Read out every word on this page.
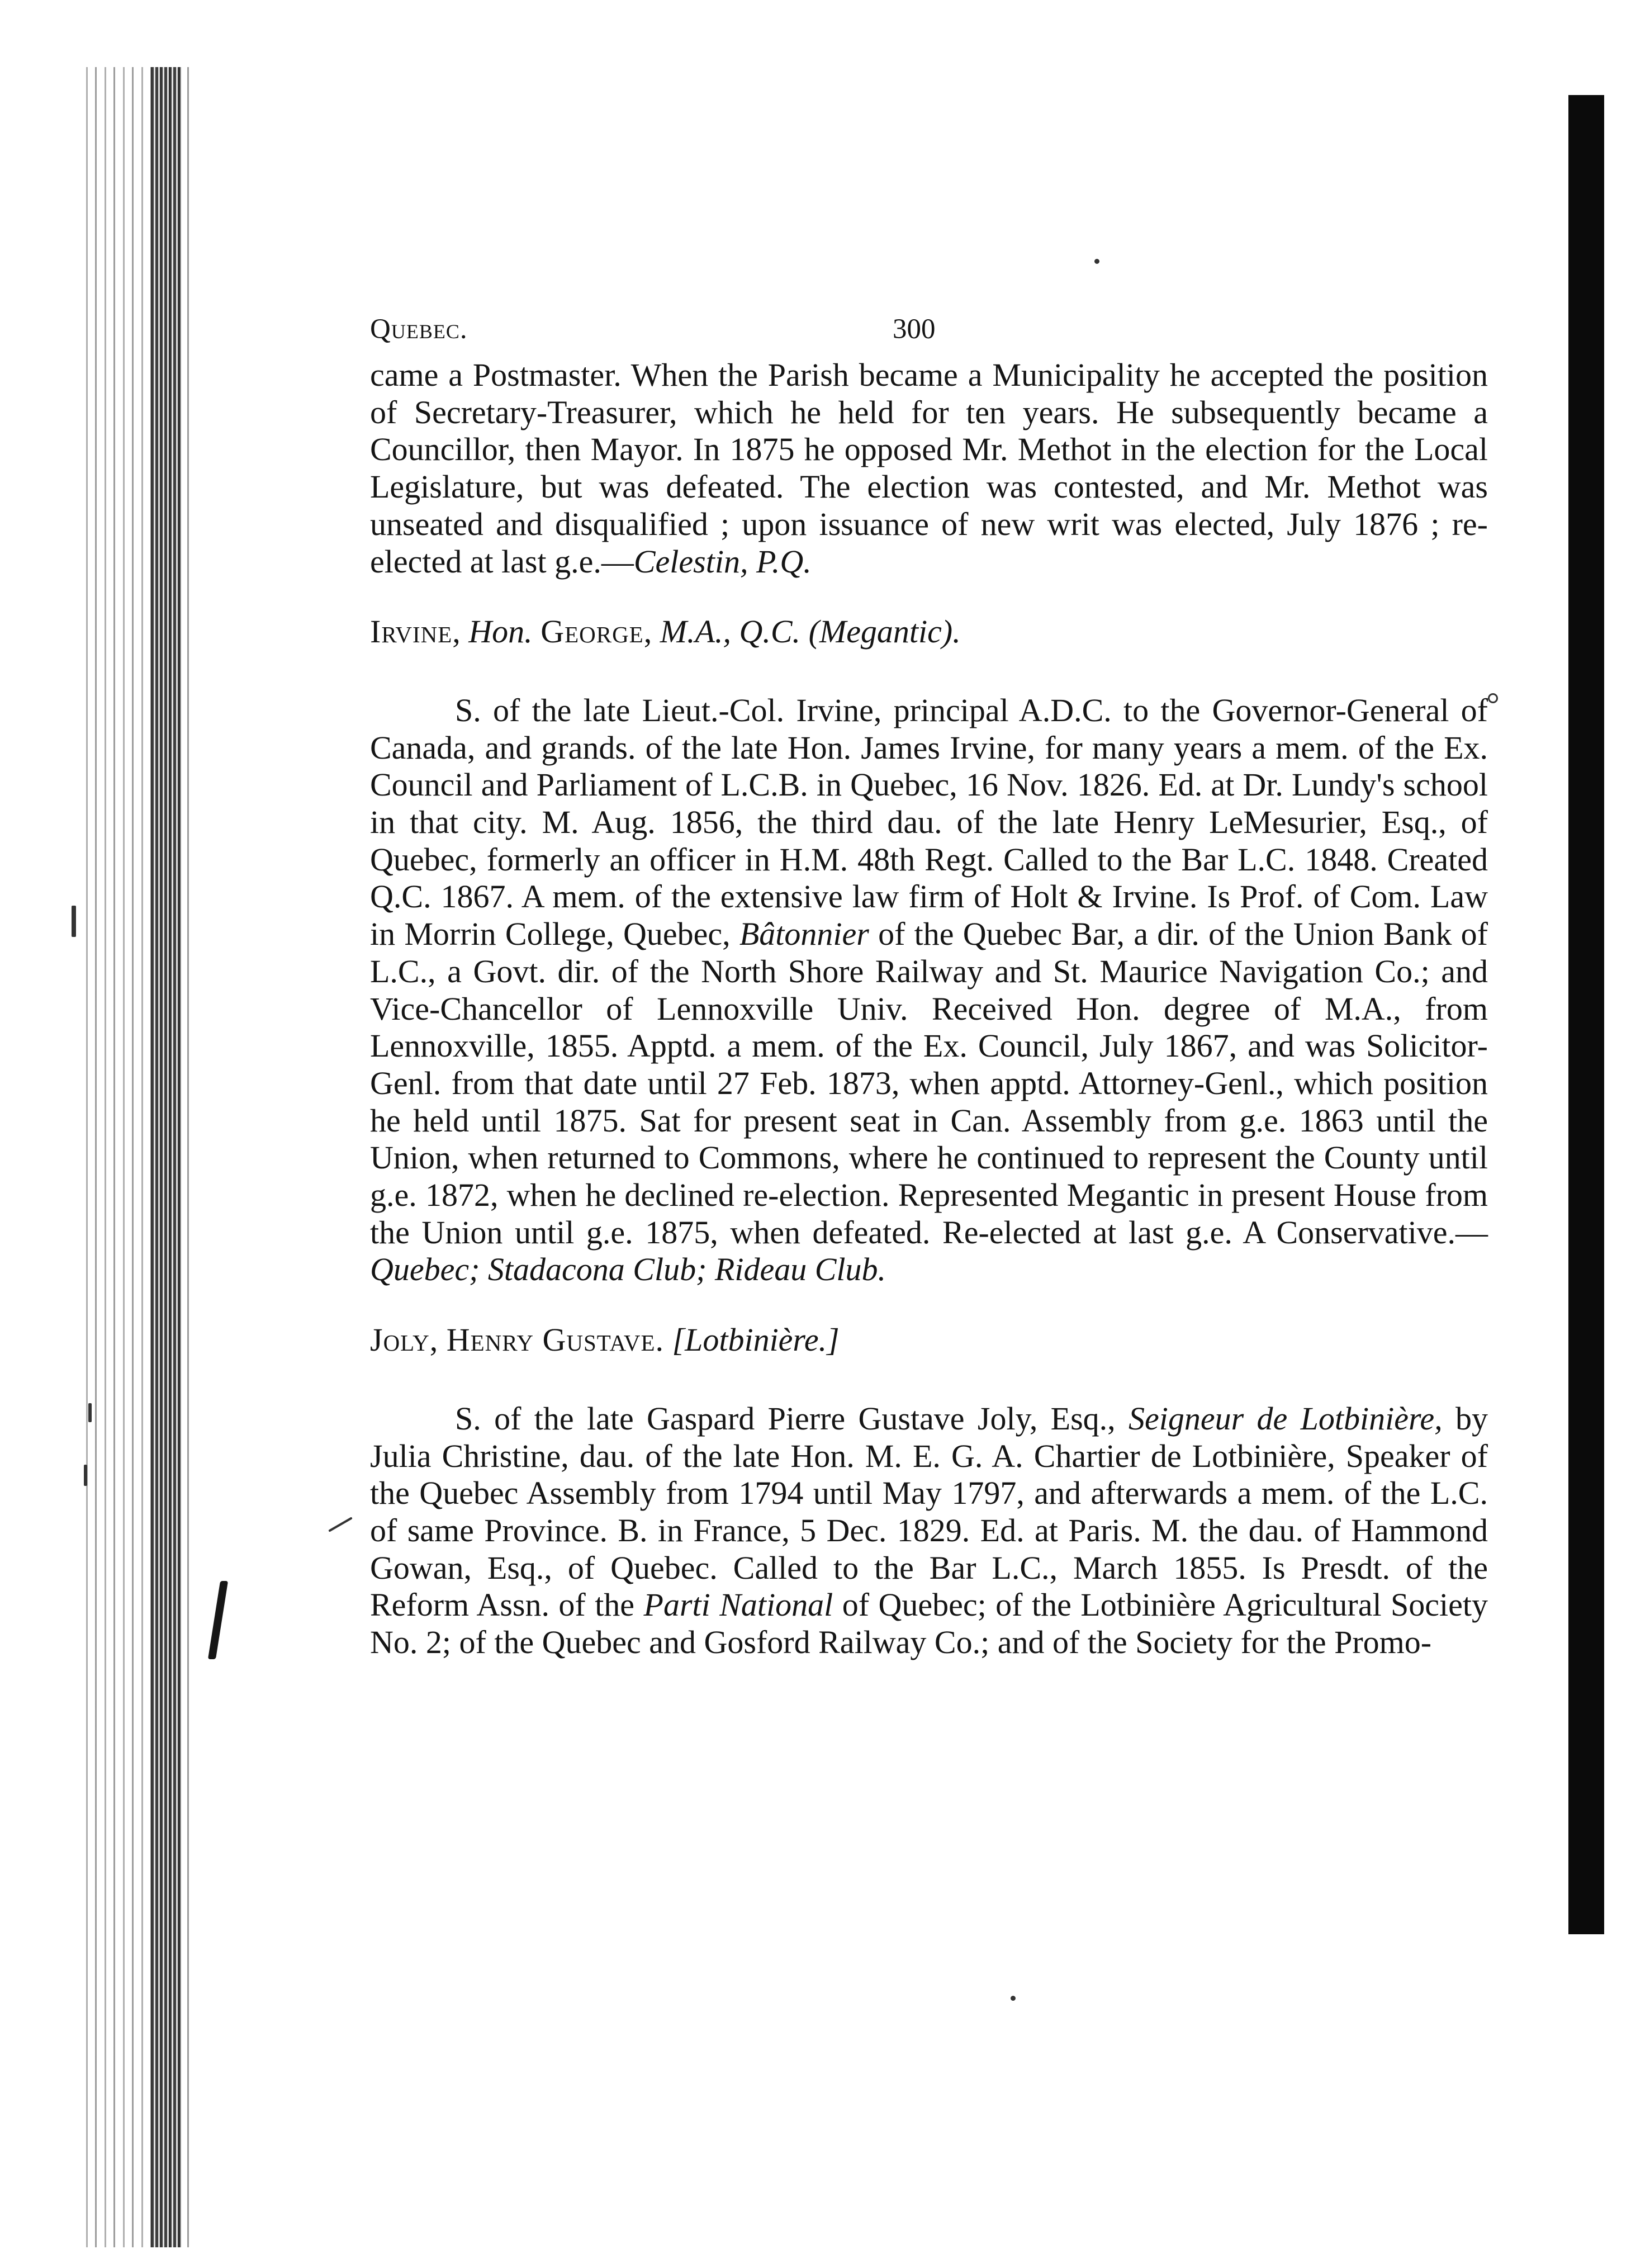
Quebec.	300

came a Postmaster. When the Parish became a Municipality he accepted the position of Secretary-Treasurer, which he held for ten years. He subsequently became a Councillor, then Mayor. In 1875 he opposed Mr. Methot in the election for the Local Legislature, but was defeated. The election was contested, and Mr. Methot was unseated and disqualified ; upon issuance of new writ was elected, July 1876 ; re-elected at last g.e.—Celestin, P.Q.

Irvine, Hon. George, M.A., Q.C. (Megantic).

S. of the late Lieut.-Col. Irvine, principal A.D.C. to the Governor-General of Canada, and grands. of the late Hon. James Irvine, for many years a mem. of the Ex. Council and Parliament of L.C.B. in Quebec, 16 Nov. 1826. Ed. at Dr. Lundy's school in that city. M. Aug. 1856, the third dau. of the late Henry LeMesurier, Esq., of Quebec, formerly an officer in H.M. 48th Regt. Called to the Bar L.C. 1848. Created Q.C. 1867. A mem. of the extensive law firm of Holt & Irvine. Is Prof. of Com. Law in Morrin College, Quebec, Bâtonnier of the Quebec Bar, a dir. of the Union Bank of L.C., a Govt. dir. of the North Shore Railway and St. Maurice Navigation Co.; and Vice-Chancellor of Lennoxville Univ. Received Hon. degree of M.A., from Lennoxville, 1855. Apptd. a mem. of the Ex. Council, July 1867, and was Solicitor-Genl. from that date until 27 Feb. 1873, when apptd. Attorney-Genl., which position he held until 1875. Sat for present seat in Can. Assembly from g.e. 1863 until the Union, when returned to Commons, where he continued to represent the County until g.e. 1872, when he declined re-election. Represented Megantic in present House from the Union until g.e. 1875, when defeated. Re-elected at last g.e. A Conservative.—Quebec; Stadacona Club; Rideau Club.

Joly, Henry Gustave. [Lotbinière.]

S. of the late Gaspard Pierre Gustave Joly, Esq., Seigneur de Lotbinière, by Julia Christine, dau. of the late Hon. M. E. G. A. Chartier de Lotbinière, Speaker of the Quebec Assembly from 1794 until May 1797, and afterwards a mem. of the L.C. of same Province. B. in France, 5 Dec. 1829. Ed. at Paris. M. the dau. of Hammond Gowan, Esq., of Quebec. Called to the Bar L.C., March 1855. Is Presdt. of the Reform Assn. of the Parti National of Quebec; of the Lotbinière Agricultural Society No. 2; of the Quebec and Gosford Railway Co.; and of the Society for the Promo-
